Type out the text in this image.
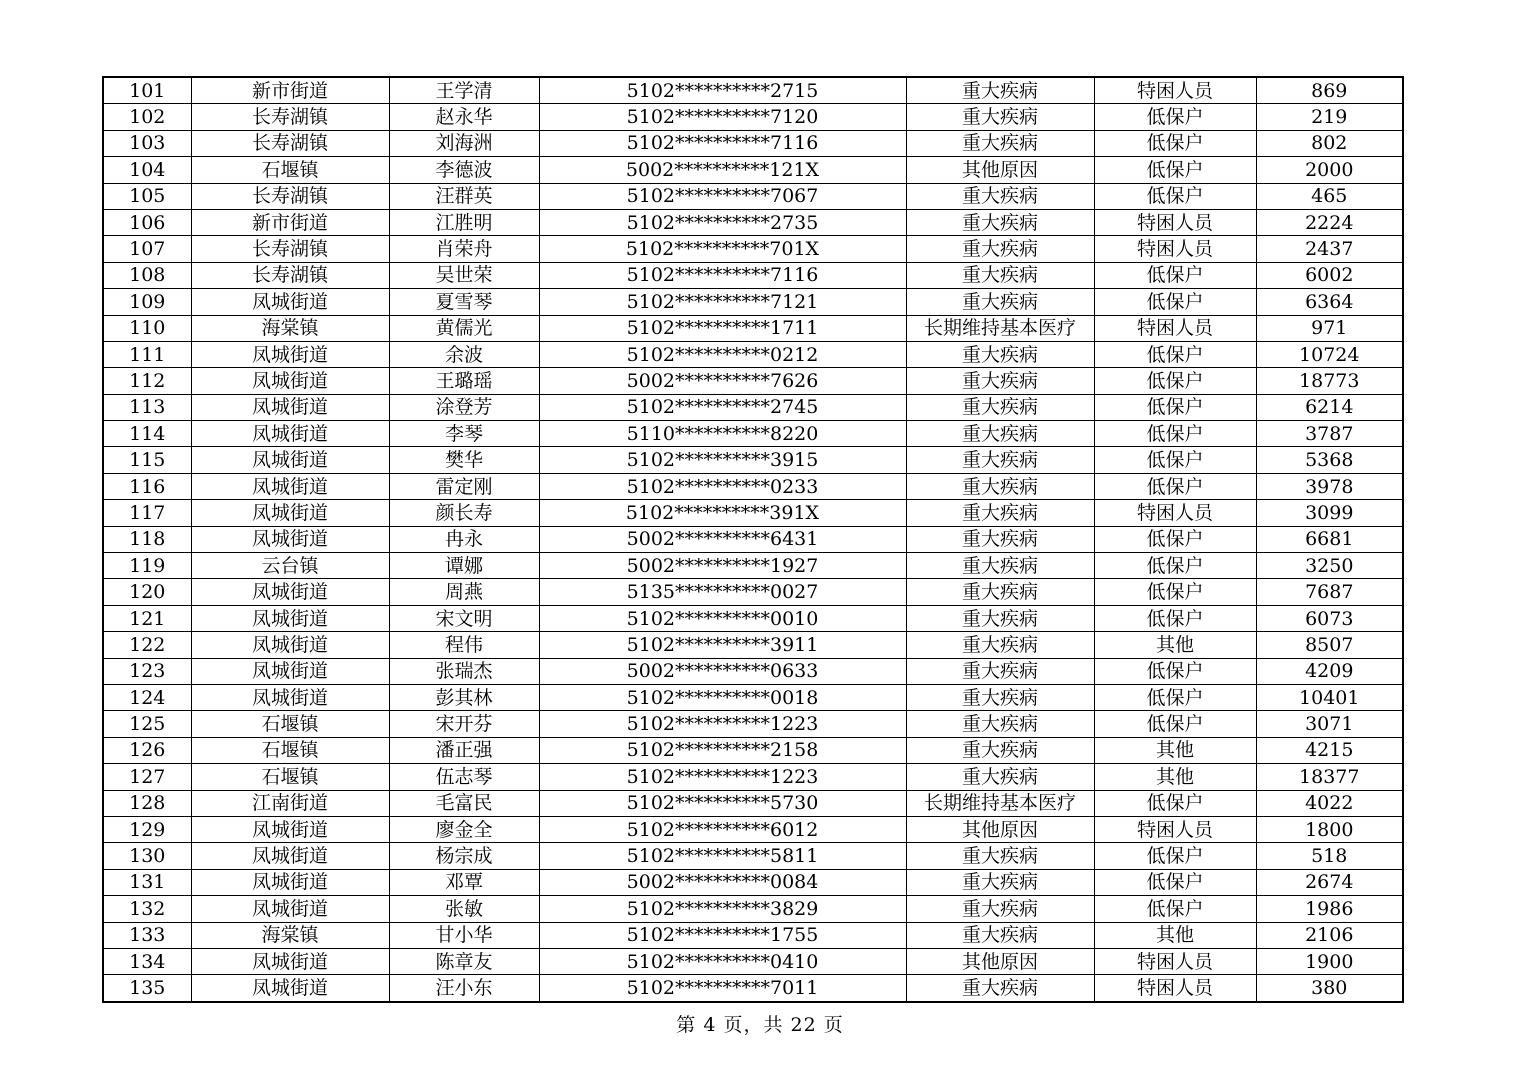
101	新市街道	王学清	5102**********2715	重大疾病	特困人员	869
102	长寿湖镇	赵永华	5102**********7120	重大疾病	低保户	219
103	长寿湖镇	刘海洲	5102**********7116	重大疾病	低保户	802
104	石堰镇	李德波	5002**********121X	其他原因	低保户	2000
105	长寿湖镇	汪群英	5102**********7067	重大疾病	低保户	465
106	新市街道	江胜明	5102**********2735	重大疾病	特困人员	2224
107	长寿湖镇	肖荣舟	5102**********701X	重大疾病	特困人员	2437
108	长寿湖镇	吴世荣	5102**********7116	重大疾病	低保户	6002
109	凤城街道	夏雪琴	5102**********7121	重大疾病	低保户	6364
110	海棠镇	黄儒光	5102**********1711	长期维持基本医疗	特困人员	971
111	凤城街道	余波	5102**********0212	重大疾病	低保户	10724
112	凤城街道	王璐瑶	5002**********7626	重大疾病	低保户	18773
113	凤城街道	涂登芳	5102**********2745	重大疾病	低保户	6214
114	凤城街道	李琴	5110**********8220	重大疾病	低保户	3787
115	凤城街道	樊华	5102**********3915	重大疾病	低保户	5368
116	凤城街道	雷定刚	5102**********0233	重大疾病	低保户	3978
117	凤城街道	颜长寿	5102**********391X	重大疾病	特困人员	3099
118	凤城街道	冉永	5002**********6431	重大疾病	低保户	6681
119	云台镇	谭娜	5002**********1927	重大疾病	低保户	3250
120	凤城街道	周燕	5135**********0027	重大疾病	低保户	7687
121	凤城街道	宋文明	5102**********0010	重大疾病	低保户	6073
122	凤城街道	程伟	5102**********3911	重大疾病	其他	8507
123	凤城街道	张瑞杰	5002**********0633	重大疾病	低保户	4209
124	凤城街道	彭其林	5102**********0018	重大疾病	低保户	10401
125	石堰镇	宋开芬	5102**********1223	重大疾病	低保户	3071
126	石堰镇	潘正强	5102**********2158	重大疾病	其他	4215
127	石堰镇	伍志琴	5102**********1223	重大疾病	其他	18377
128	江南街道	毛富民	5102**********5730	长期维持基本医疗	低保户	4022
129	凤城街道	廖金全	5102**********6012	其他原因	特困人员	1800
130	凤城街道	杨宗成	5102**********5811	重大疾病	低保户	518
131	凤城街道	邓覃	5002**********0084	重大疾病	低保户	2674
132	凤城街道	张敏	5102**********3829	重大疾病	低保户	1986
133	海棠镇	甘小华	5102**********1755	重大疾病	其他	2106
134	凤城街道	陈章友	5102**********0410	其他原因	特困人员	1900
135	凤城街道	汪小东	5102**********7011	重大疾病	特困人员	380
第 4 页，共 22 页
